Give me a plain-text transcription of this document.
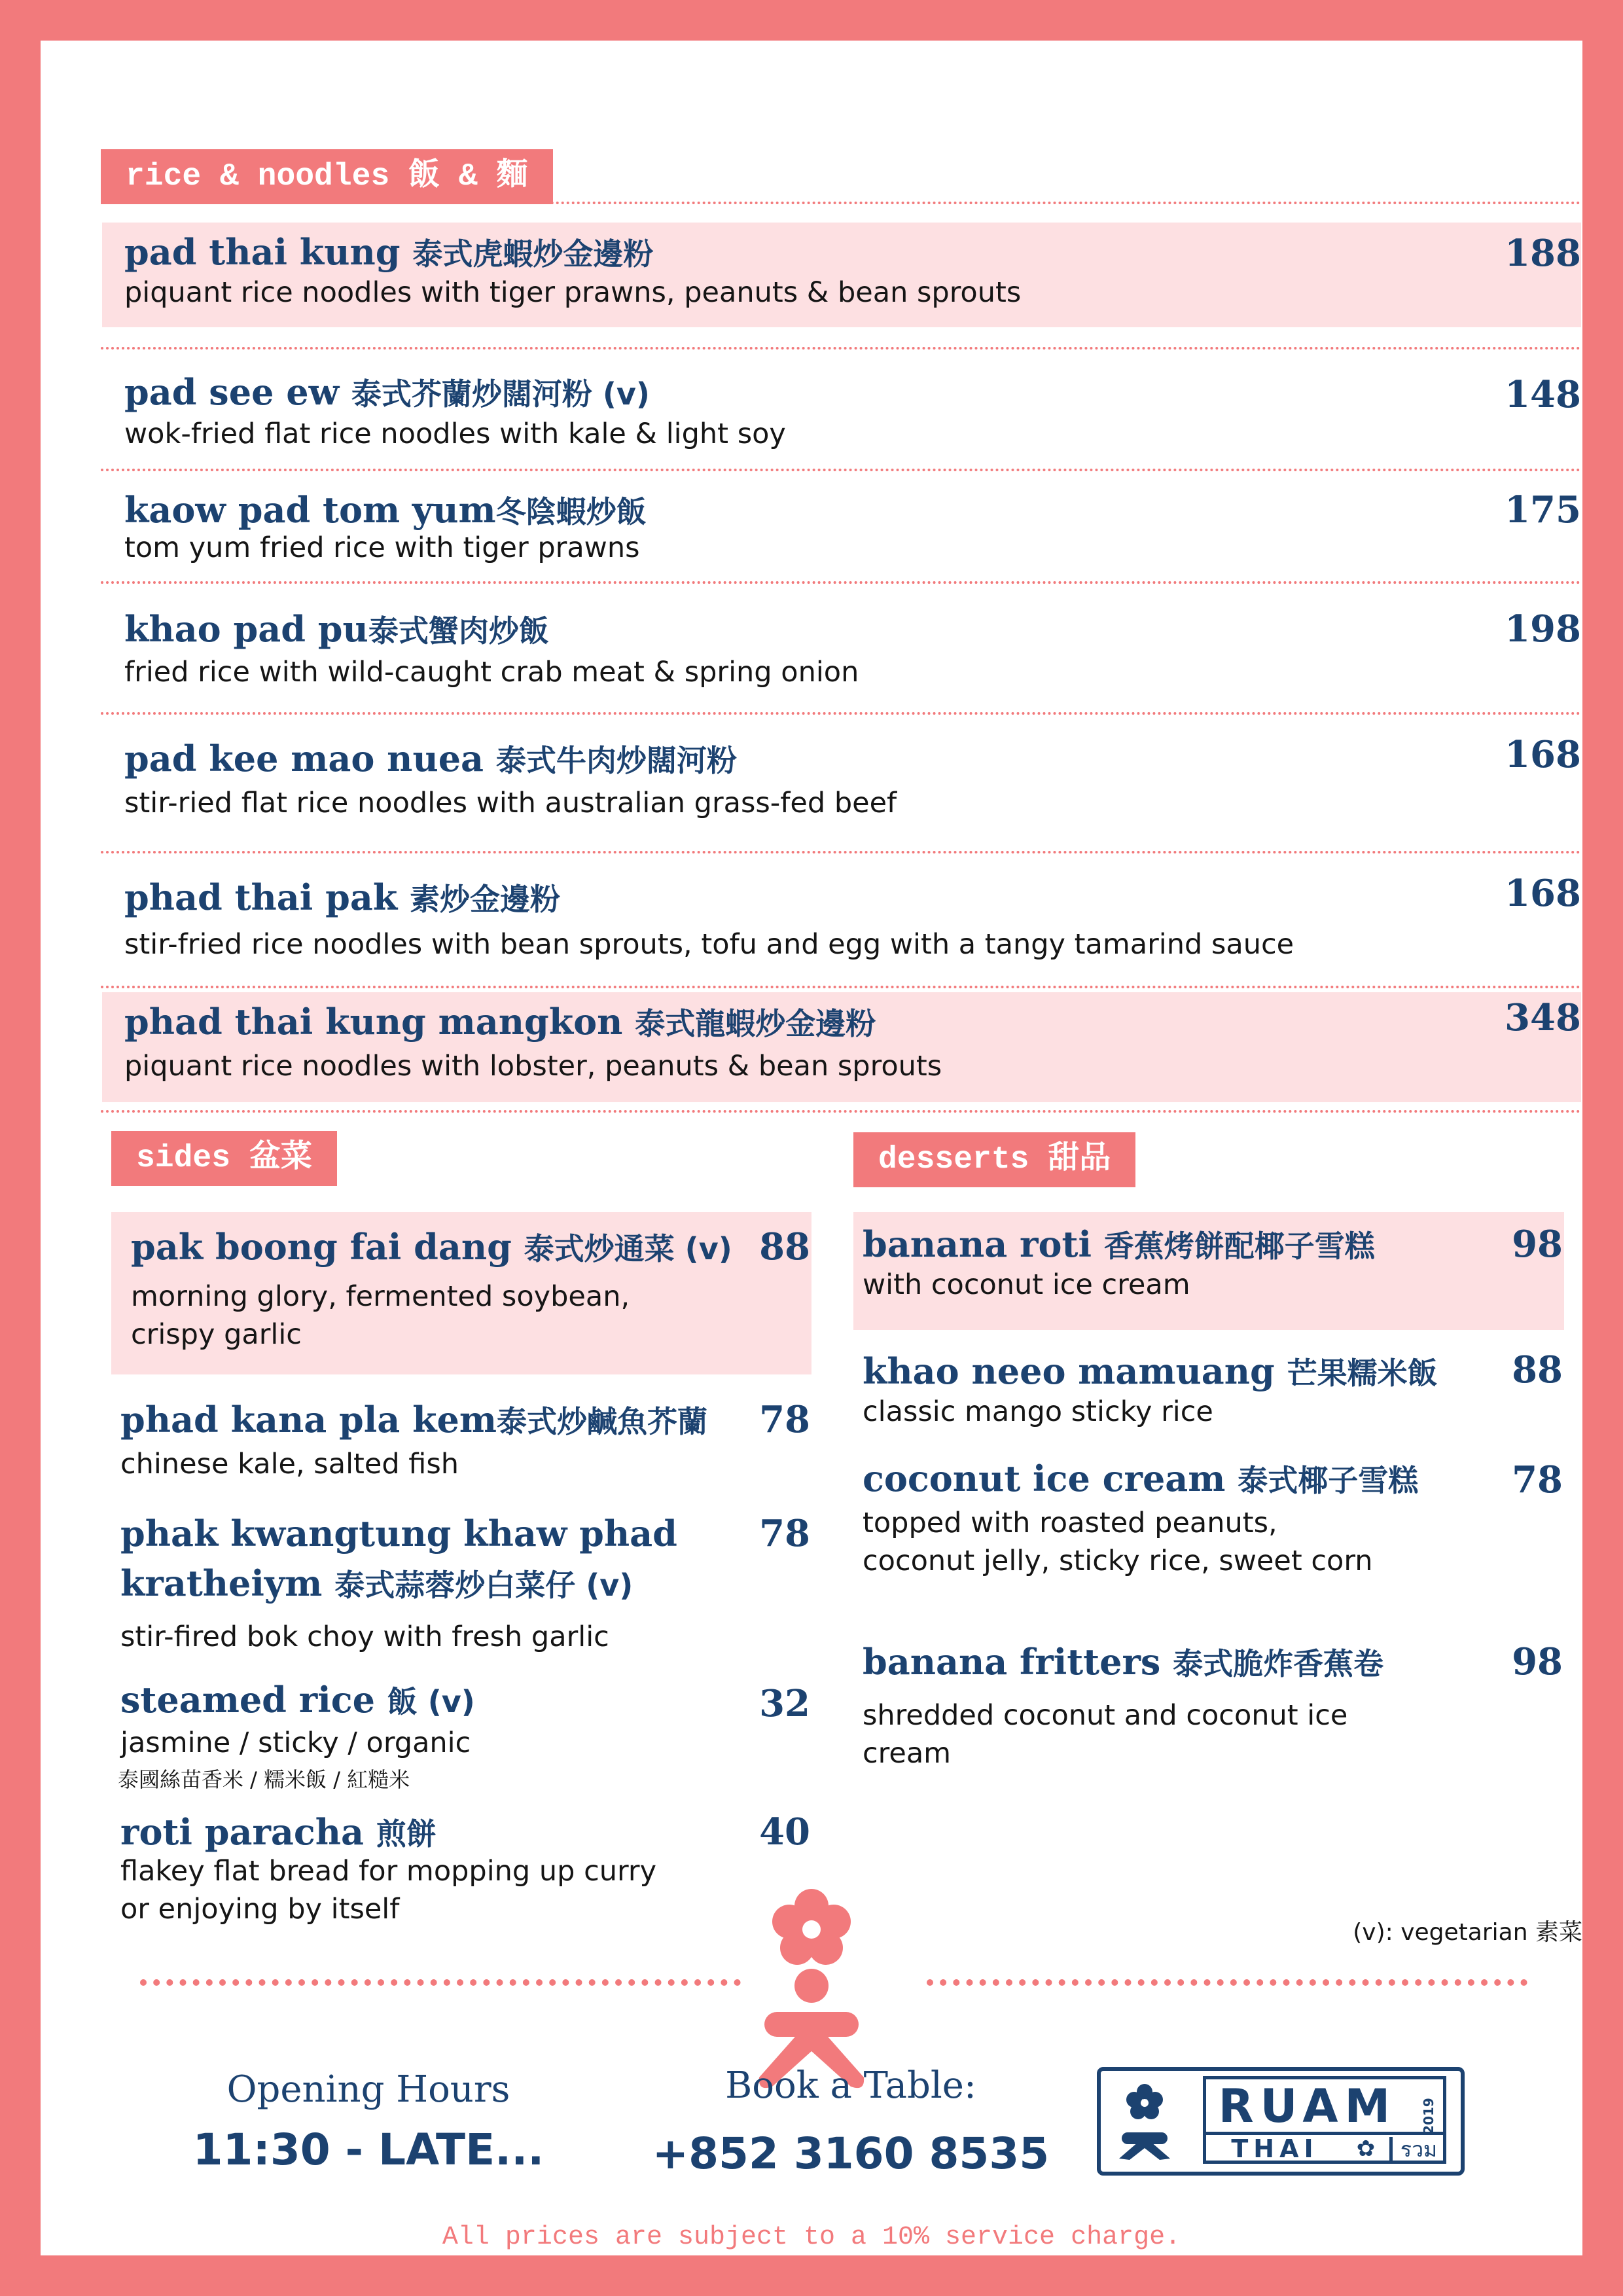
rice & noodles 飯 & 麵
pad thai kung 泰式虎蝦炒金邊粉	188
piquant rice noodles with tiger prawns, peanuts & bean sprouts
pad see ew 泰式芥蘭炒闊河粉 (v)	148
wok-fried flat rice noodles with kale & light soy
kaow pad tom yum冬陰蝦炒飯	175
tom yum fried rice with tiger prawns
khao pad pu泰式蟹肉炒飯	198
fried rice with wild-caught crab meat & spring onion
pad kee mao nuea 泰式牛肉炒闊河粉	168
stir-ried flat rice noodles with australian grass-fed beef
phad thai pak 素炒金邊粉	168
stir-fried rice noodles with bean sprouts, tofu and egg with a tangy tamarind sauce
phad thai kung mangkon 泰式龍蝦炒金邊粉	348
piquant rice noodles with lobster, peanuts & bean sprouts
sides 盆菜
pak boong fai dang 泰式炒通菜 (v) 88
morning glory, fermented soybean,
crispy garlic
phad kana pla kem泰式炒鹹魚芥蘭 78
chinese kale, salted fish
phak kwangtung khaw phad 78
kratheiym 泰式蒜蓉炒白菜仔 (v)
stir-fired bok choy with fresh garlic
steamed rice 飯 (v)	32
jasmine / sticky / organic
泰國絲苗香米 / 糯米飯 / 紅糙米
roti paracha 煎餅	40
flakey flat bread for mopping up curry
or enjoying by itself
desserts 甜品
banana roti 香蕉烤餅配椰子雪糕	98
with coconut ice cream
khao neeo mamuang 芒果糯米飯 88
classic mango sticky rice
coconut ice cream 泰式椰子雪糕	78
topped with roasted peanuts,
coconut jelly, sticky rice, sweet corn
banana fritters 泰式脆炸香蕉卷	98
shredded coconut and coconut ice
cream
(v): vegetarian 素菜
Opening Hours
11:30 - LATE...
Book a Table:
+852 3160 8535
RUAM	2019
THAI	✿	รวม
All prices are subject to a 10% service charge.
